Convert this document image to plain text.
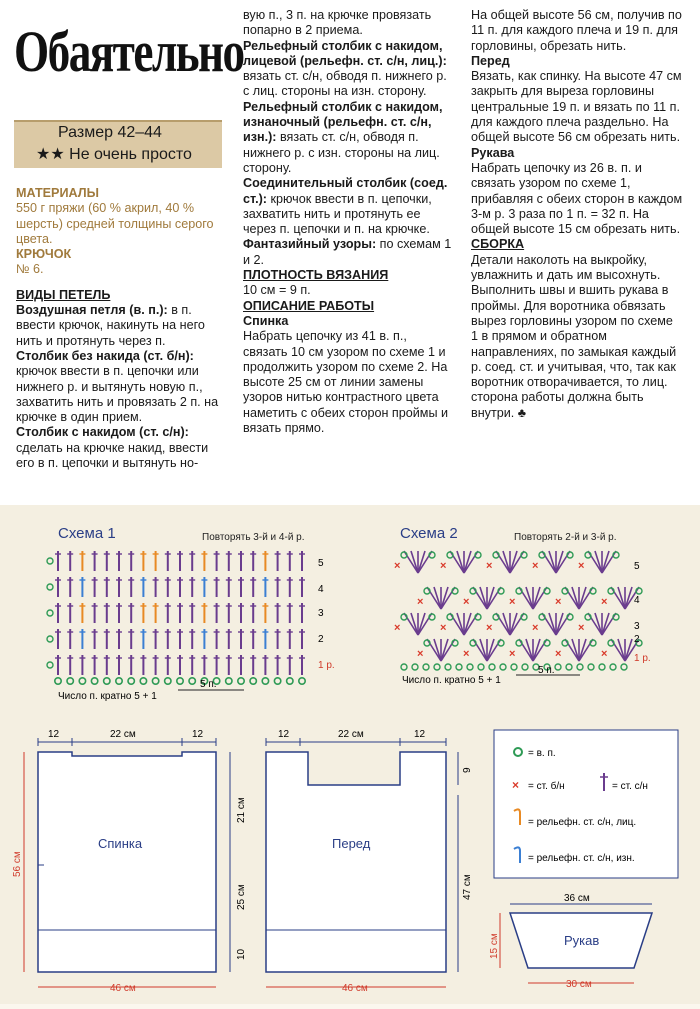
Обаятельно
Размер 42–44
★★ Не очень просто

МАТЕРИАЛЫ

550 г пряжи (60 % акрил, 40 % шерсть) средней толщины серого цвета.

КРЮЧОК

№ 6.

ВИДЫ ПЕТЕЛЬ

Воздушная петля (в. п.): в п. ввести крючок, накинуть на него нить и протянуть через п.

Столбик без накида (ст. б/н): крючок ввести в п. цепочки или нижнего р. и вытянуть новую п., захватить нить и провязать 2 п. на крючке в один прием.

Столбик с накидом (ст. с/н): сделать на крючке накид, ввести его в п. цепочки и вытянуть но-

вую п., 3 п. на крючке провязать попарно в 2 приема.

Рельефный столбик с накидом, лицевой (рельефн. ст. с/н, лиц.): вязать ст. с/н, обводя п. нижнего р. с лиц. стороны на изн. сторону.

Рельефный столбик с накидом, изнаночный (рельефн. ст. с/н, изн.): вязать ст. с/н, обводя п. нижнего р. с изн. стороны на лиц. сторону.

Соединительный столбик (соед. ст.): крючок ввести в п. цепочки, захватить нить и протянуть ее через п. цепочки и п. на крючке.

Фантазийный узоры: по схемам 1 и 2.

ПЛОТНОСТЬ ВЯЗАНИЯ

10 см = 9 п.

ОПИСАНИЕ РАБОТЫ

Спинка

Набрать цепочку из 41 в. п., связать 10 см узором по схеме 1 и продолжить узором по схеме 2. На высоте 25 см от линии замены узоров нитью контрастного цвета наметить с обеих сторон проймы и вязать прямо.

На общей высоте 56 см, получив по 11 п. для каждого плеча и 19 п. для горловины, обрезать нить.

Перед

Вязать, как спинку. На высоте 47 см закрыть для выреза горловины центральные 19 п. и вязать по 11 п. для каждого плеча раздельно. На общей высоте 56 см обрезать нить.

Рукава

Набрать цепочку из 26 в. п. и связать узором по схеме 1, прибавляя с обеих сторон в каждом 3-м р. 3 раза по 1 п. = 32 п. На общей высоте 15 см обрезать нить.

СБОРКА

Детали наколоть на выкройку, увлажнить и дать им высохнуть. Выполнить швы и вшить рукава в проймы. Для воротника обвязать вырез горловины узором по схеме 1 в прямом и обратном направлениях, по замыкая каждый р. соед. ст. и учитывая, что, так как воротник отворачивается, то лиц. сторона работы должна быть внутри. ♣

Схема 1	Повторять 3-й и 4-й р.
5
4
3
2
1 р.
Число п. кратно 5 + 1
5 п.
Схема 2	Повторять 2-й и 3-й р.
×	×	×	×	×
×	×	×	×	×
×	×	×	×	×
×	×	×	×	×
5
4
3
2
1 р.
Число п. кратно 5 + 1
5 п.
12	22 см	12
Спинка
56 см
21 см
25 см
10
46 см
12	22 см	12
Перед
9
47 см
46 см
= в. п.
× = ст. б/н	= ст. с/н
= рельефн. ст. с/н, лиц.
= рельефн. ст. с/н, изн.
36 см
Рукав
15 см
30 см
